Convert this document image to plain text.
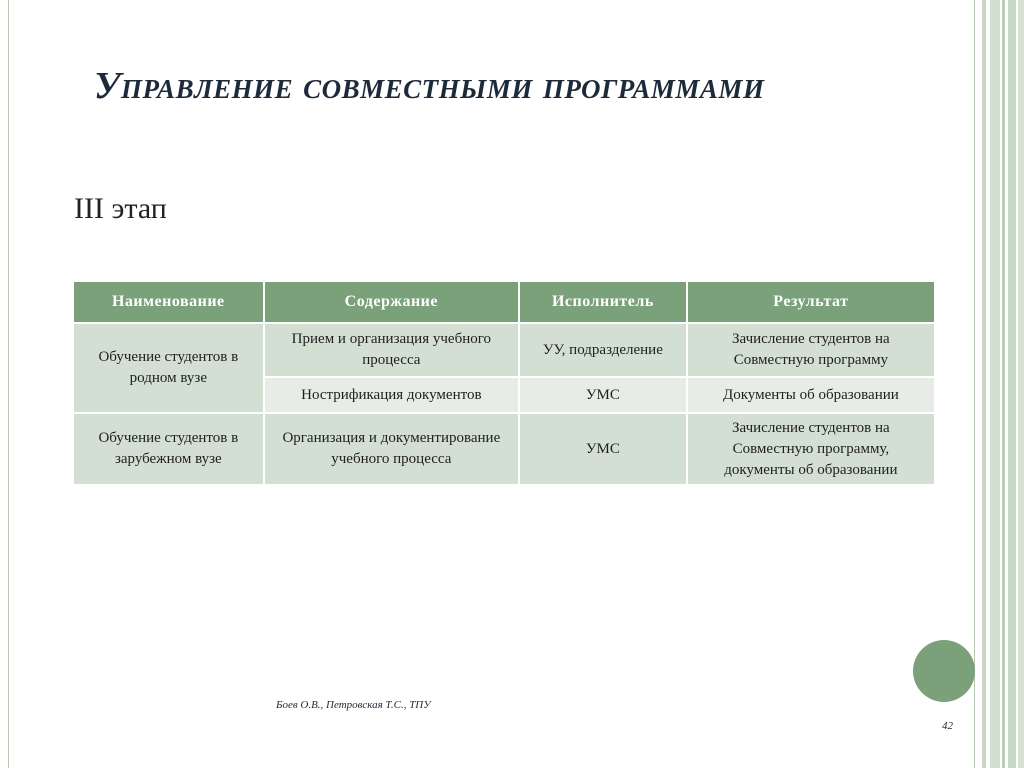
Управление совместными программами
III этап
Наименование	Содержание	Исполнитель	Результат
Обучение студентов в родном вузе	Прием и организация учебного процесса	УУ, подразделение	Зачисление студентов на Совместную программу
	Нострификация документов	УМС	Документы об образовании
Обучение студентов в зарубежном вузе	Организация и документирование учебного процесса	УМС	Зачисление студентов на Совместную программу, документы об образовании
Боев О.В., Петровская Т.С., ТПУ
42
